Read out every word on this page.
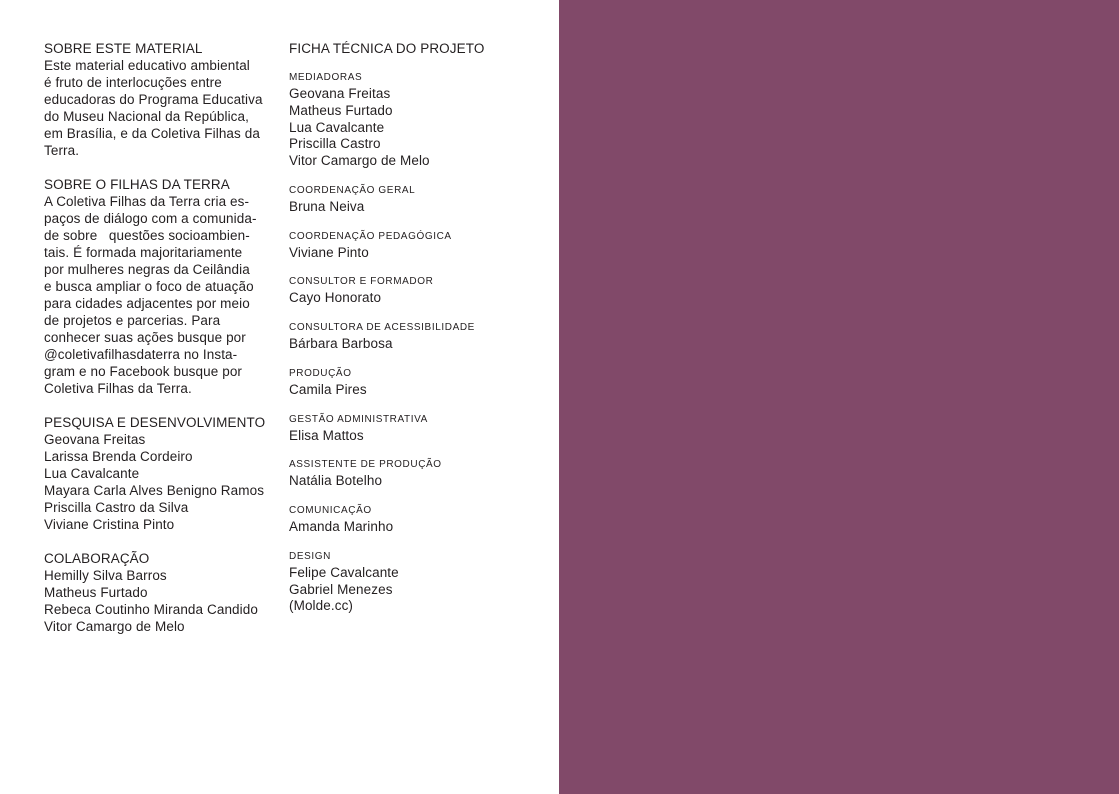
SOBRE ESTE MATERIAL
Este material educativo ambiental
é fruto de interlocuções entre
educadoras do Programa Educativa
do Museu Nacional da República,
em Brasília, e da Coletiva Filhas da
Terra.
SOBRE O FILHAS DA TERRA
A Coletiva Filhas da Terra cria es-
paços de diálogo com a comunida-
de sobre   questões socioambien-
tais. É formada majoritariamente
por mulheres negras da Ceilândia
e busca ampliar o foco de atuação
para cidades adjacentes por meio
de projetos e parcerias. Para
conhecer suas ações busque por
@coletivafilhasdaterra no Insta-
gram e no Facebook busque por
Coletiva Filhas da Terra.
PESQUISA E DESENVOLVIMENTO
Geovana Freitas
Larissa Brenda Cordeiro
Lua Cavalcante
Mayara Carla Alves Benigno Ramos
Priscilla Castro da Silva
Viviane Cristina Pinto
COLABORAÇÃO
Hemilly Silva Barros
Matheus Furtado
Rebeca Coutinho Miranda Candido
Vitor Camargo de Melo
FICHA TÉCNICA DO PROJETO
MEDIADORAS
Geovana Freitas
Matheus Furtado
Lua Cavalcante
Priscilla Castro
Vitor Camargo de Melo
COORDENAÇÃO GERAL
Bruna Neiva
COORDENAÇÃO PEDAGÓGICA
Viviane Pinto
CONSULTOR E FORMADOR
Cayo Honorato
CONSULTORA DE ACESSIBILIDADE
Bárbara Barbosa
PRODUÇÃO
Camila Pires
GESTÃO ADMINISTRATIVA
Elisa Mattos
ASSISTENTE DE PRODUÇÃO
Natália Botelho
COMUNICAÇÃO
Amanda Marinho
DESIGN
Felipe Cavalcante
Gabriel Menezes
(Molde.cc)
